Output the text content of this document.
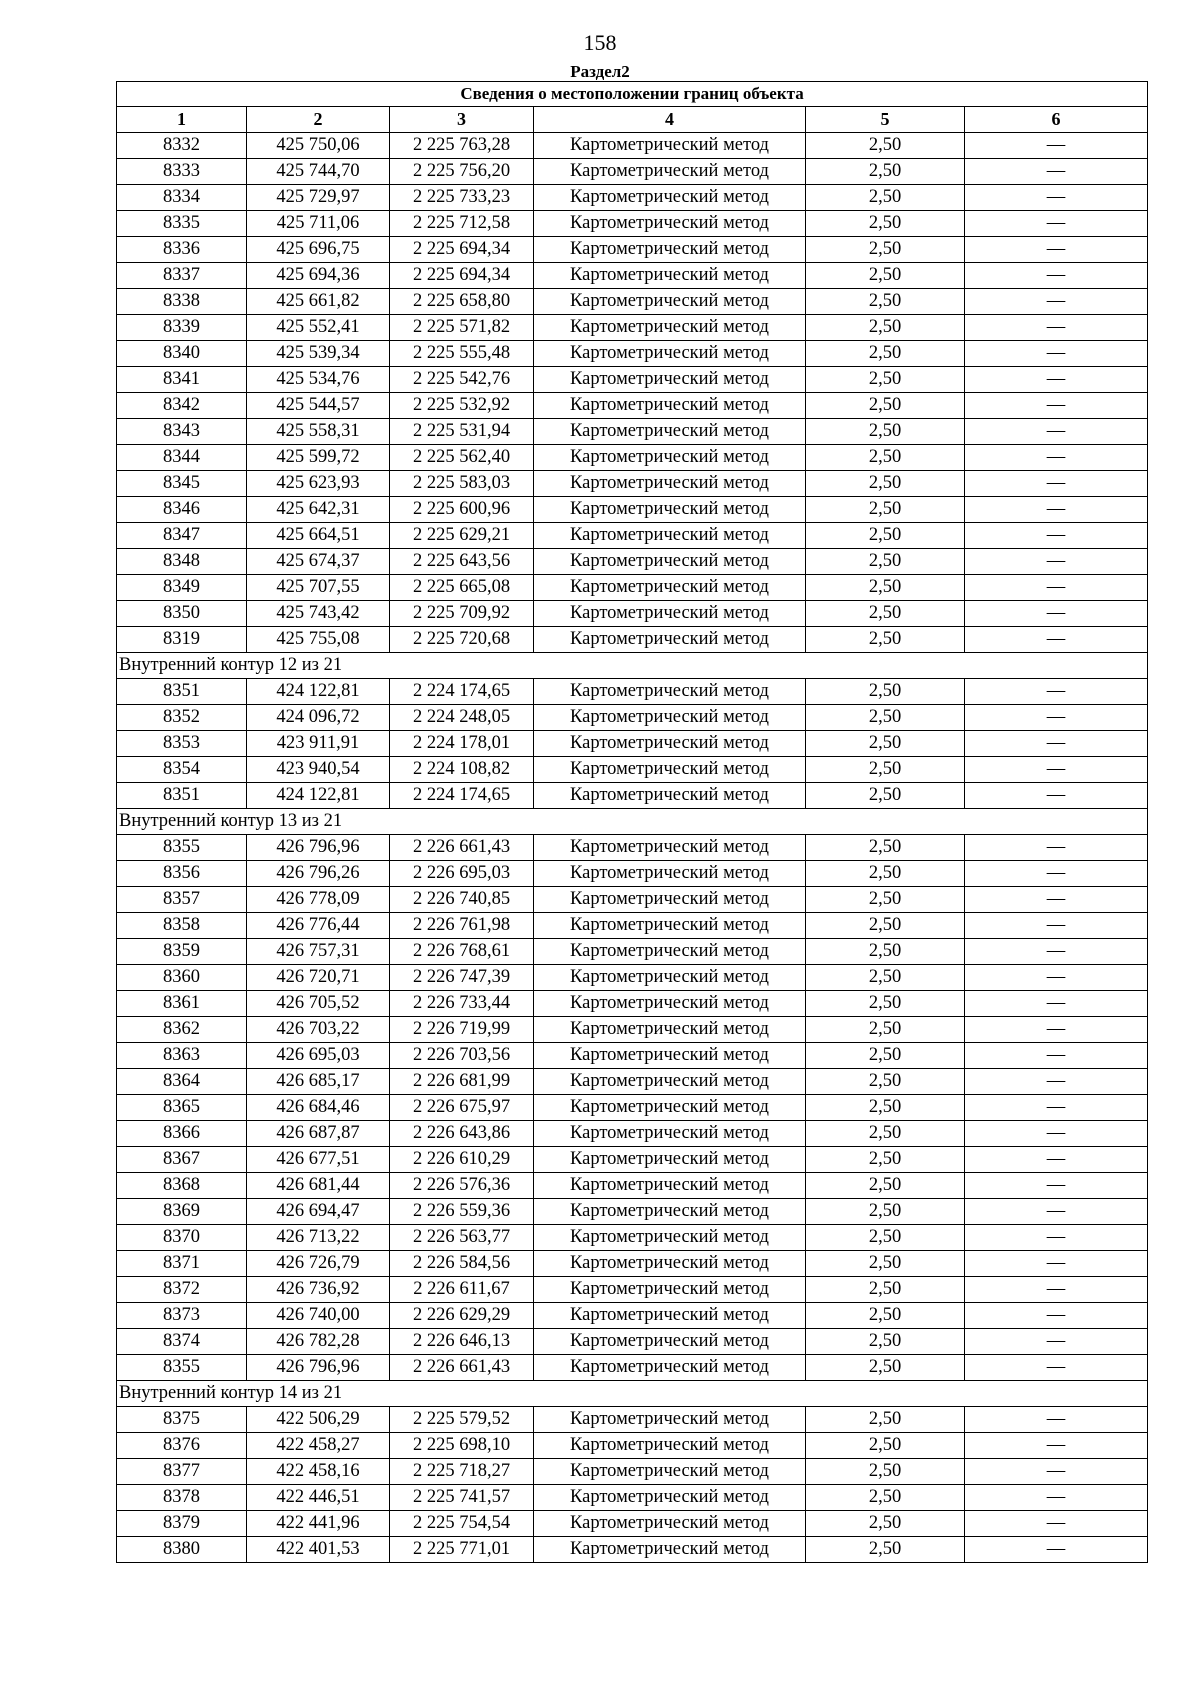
158
Раздел2
Сведения о местоположении границ объекта					
1	2	3	4	5	6
8332	425 750,06	2 225 763,28	Картометрический метод	2,50	—
8333	425 744,70	2 225 756,20	Картометрический метод	2,50	—
8334	425 729,97	2 225 733,23	Картометрический метод	2,50	—
8335	425 711,06	2 225 712,58	Картометрический метод	2,50	—
8336	425 696,75	2 225 694,34	Картометрический метод	2,50	—
8337	425 694,36	2 225 694,34	Картометрический метод	2,50	—
8338	425 661,82	2 225 658,80	Картометрический метод	2,50	—
8339	425 552,41	2 225 571,82	Картометрический метод	2,50	—
8340	425 539,34	2 225 555,48	Картометрический метод	2,50	—
8341	425 534,76	2 225 542,76	Картометрический метод	2,50	—
8342	425 544,57	2 225 532,92	Картометрический метод	2,50	—
8343	425 558,31	2 225 531,94	Картометрический метод	2,50	—
8344	425 599,72	2 225 562,40	Картометрический метод	2,50	—
8345	425 623,93	2 225 583,03	Картометрический метод	2,50	—
8346	425 642,31	2 225 600,96	Картометрический метод	2,50	—
8347	425 664,51	2 225 629,21	Картометрический метод	2,50	—
8348	425 674,37	2 225 643,56	Картометрический метод	2,50	—
8349	425 707,55	2 225 665,08	Картометрический метод	2,50	—
8350	425 743,42	2 225 709,92	Картометрический метод	2,50	—
8319	425 755,08	2 225 720,68	Картометрический метод	2,50	—
Внутренний контур 12 из 21					
8351	424 122,81	2 224 174,65	Картометрический метод	2,50	—
8352	424 096,72	2 224 248,05	Картометрический метод	2,50	—
8353	423 911,91	2 224 178,01	Картометрический метод	2,50	—
8354	423 940,54	2 224 108,82	Картометрический метод	2,50	—
8351	424 122,81	2 224 174,65	Картометрический метод	2,50	—
Внутренний контур 13 из 21					
8355	426 796,96	2 226 661,43	Картометрический метод	2,50	—
8356	426 796,26	2 226 695,03	Картометрический метод	2,50	—
8357	426 778,09	2 226 740,85	Картометрический метод	2,50	—
8358	426 776,44	2 226 761,98	Картометрический метод	2,50	—
8359	426 757,31	2 226 768,61	Картометрический метод	2,50	—
8360	426 720,71	2 226 747,39	Картометрический метод	2,50	—
8361	426 705,52	2 226 733,44	Картометрический метод	2,50	—
8362	426 703,22	2 226 719,99	Картометрический метод	2,50	—
8363	426 695,03	2 226 703,56	Картометрический метод	2,50	—
8364	426 685,17	2 226 681,99	Картометрический метод	2,50	—
8365	426 684,46	2 226 675,97	Картометрический метод	2,50	—
8366	426 687,87	2 226 643,86	Картометрический метод	2,50	—
8367	426 677,51	2 226 610,29	Картометрический метод	2,50	—
8368	426 681,44	2 226 576,36	Картометрический метод	2,50	—
8369	426 694,47	2 226 559,36	Картометрический метод	2,50	—
8370	426 713,22	2 226 563,77	Картометрический метод	2,50	—
8371	426 726,79	2 226 584,56	Картометрический метод	2,50	—
8372	426 736,92	2 226 611,67	Картометрический метод	2,50	—
8373	426 740,00	2 226 629,29	Картометрический метод	2,50	—
8374	426 782,28	2 226 646,13	Картометрический метод	2,50	—
8355	426 796,96	2 226 661,43	Картометрический метод	2,50	—
Внутренний контур 14 из 21					
8375	422 506,29	2 225 579,52	Картометрический метод	2,50	—
8376	422 458,27	2 225 698,10	Картометрический метод	2,50	—
8377	422 458,16	2 225 718,27	Картометрический метод	2,50	—
8378	422 446,51	2 225 741,57	Картометрический метод	2,50	—
8379	422 441,96	2 225 754,54	Картометрический метод	2,50	—
8380	422 401,53	2 225 771,01	Картометрический метод	2,50	—
